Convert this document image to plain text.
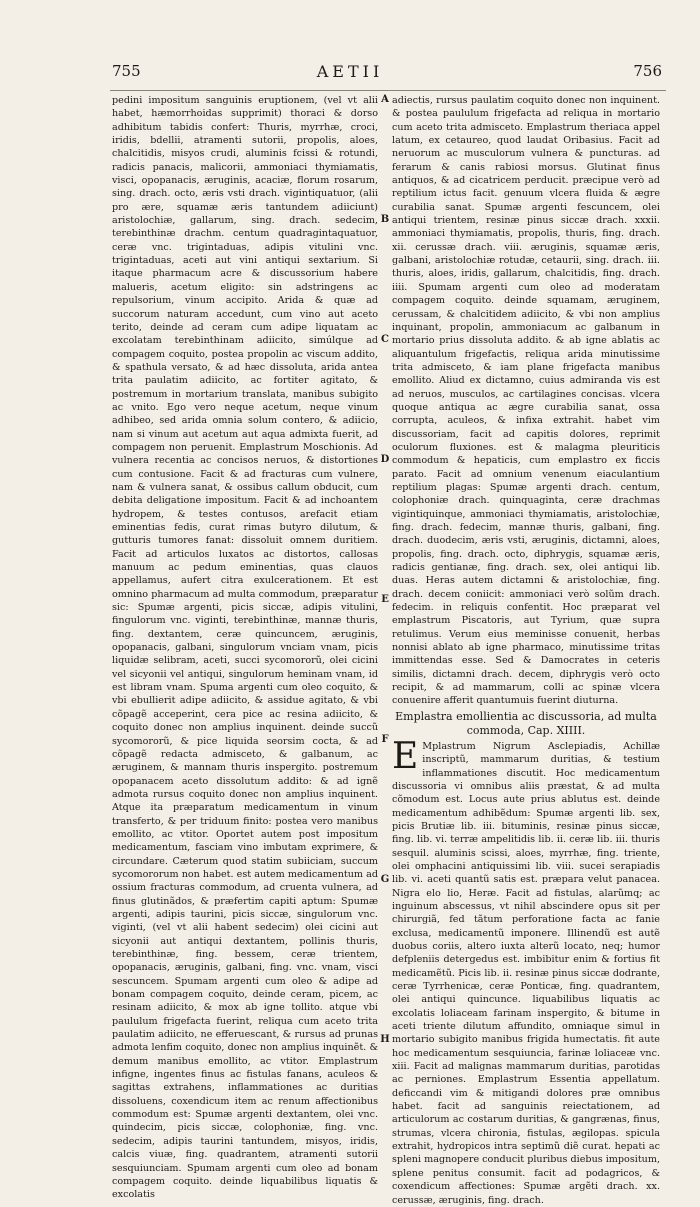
755	AETII	756

pedini impositum sanguinis eruptionem, (vel vt alii habet, hæmorrhoidas supprimit) thoraci & dorso adhibitum tabidis confert: Thuris, myrrhæ, croci, iridis, bdellii, atramenti sutorii, propolis, aloes, chalcitidis, misyos crudi, aluminis fcissi & rotundi, radicis panacis, malicorii, ammoniaci thymiamatis, visci, opopanacis, æruginis, acaciæ, florum rosarum, sing. drach. octo, æris vsti drach. vigintiquatuor, (alii pro ære, squamæ æris tantundem adiiciunt) aristolochiæ, gallarum, sing. drach. sedecim, terebinthinæ drachm. centum quadragintaquatuor, ceræ vnc. trigintaduas, adipis vitulini vnc. trigintaduas, aceti aut vini antiqui sextarium. Si itaque pharmacum acre & discussorium habere malueris, acetum eligito: sin adstringens ac repulsorium, vinum accipito. Arida & quæ ad succorum naturam accedunt, cum vino aut aceto terito, deinde ad ceram cum adipe liquatam ac excolatam terebinthinam adiicito, simúlque ad compagem coquito, postea propolin ac viscum addito, & spathula versato, & ad hæc dissoluta, arida antea trita paulatim adiicito, ac fortiter agitato, & postremum in mortarium translata, manibus subigito ac vnito. Ego vero neque acetum, neque vinum adhibeo, sed arida omnia solum contero, & adiicio, nam si vinum aut acetum aut aqua admixta fuerit, ad compagem non peruenit. Emplastrum Moschionis. Ad vulnera recentia ac concisos neruos, & distortiones cum contusione. Facit & ad fracturas cum vulnere, nam & vulnera sanat, & ossibus callum obducit, cum debita deligatione impositum. Facit & ad inchoantem hydropem, & testes contusos, arefacit etiam eminentias fedis, curat rimas butyro dilutum, & gutturis tumores fanat: dissoluit omnem duritiem. Facit ad articulos luxatos ac distortos, callosas manuum ac pedum eminentias, quas clauos appellamus, aufert citra exulcerationem. Et est omnino pharmacum ad multa commodum, præparatur sic: Spumæ argenti, picis siccæ, adipis vitulini, fingulorum vnc. viginti, terebinthinæ, mannæ thuris, fing. dextantem, ceræ quincuncem, æruginis, opopanacis, galbani, singulorum vnciam vnam, picis liquidæ selibram, aceti, succi sycomororũ, olei cicini vel sicyonii vel antiqui, singulorum heminam vnam, id est libram vnam. Spuma argenti cum oleo coquito, & vbi ebullierit adipe adiicito, & assidue agitato, & vbi cõpagẽ acceperint, cera pice ac resina adiicito, & coquito donec non amplius inquinent. deinde succũ sycomororũ, & pice liquida seorsim cocta, & ad cõpagẽ redacta admisceto, & galbanum, ac æruginem, & mannam thuris inspergito. postremum opopanacem aceto dissolutum addito: & ad ignẽ admota rursus coquito donec non amplius inquinent. Atque ita præparatum medicamentum in vinum transferto, & per triduum finito: postea vero manibus emollito, ac vtitor. Oportet autem post impositum medicamentum, fasciam vino imbutam exprimere, & circundare. Cæterum quod statim subiiciam, succum sycomororum non habet. est autem medicamentum ad ossium fracturas commodum, ad cruenta vulnera, ad finus glutinãdos, & præfertim capiti aptum: Spumæ argenti, adipis taurini, picis siccæ, singulorum vnc. viginti, (vel vt alii habent sedecim) olei cicini aut sicyonii aut antiqui dextantem, pollinis thuris, terebinthinæ, fing. bessem, ceræ trientem, opopanacis, æruginis, galbani, fing. vnc. vnam, visci sescuncem. Spumam argenti cum oleo & adipe ad bonam compagem coquito, deinde ceram, picem, ac resinam adiicito, & mox ab igne tollito. atque vbi paululum frigefacta fuerint, reliqua cum aceto trita paulatim adiicito, ne efferuescant, & rursus ad prunas admota lenfim coquito, donec non amplius inquinẽt. & demum manibus emollito, ac vtitor. Emplastrum infigne, ingentes finus ac fistulas fanans, aculeos & sagittas extrahens, inflammationes ac duritias dissoluens, coxendicum item ac renum affectionibus commodum est: Spumæ argenti dextantem, olei vnc. quindecim, picis siccæ, colophoniæ, fing. vnc. sedecim, adipis taurini tantundem, misyos, iridis, calcis viuæ, fing. quadrantem, atramenti sutorii sesquiunciam. Spumam argenti cum oleo ad bonam compagem coquito. deinde liquabilibus liquatis & excolatis

A
B
C
D
E
F
G
H

adiectis, rursus paulatim coquito donec non inquinent. & postea paululum frigefacta ad reliqua in mortario cum aceto trita admisceto. Emplastrum theriaca appel latum, ex cetaureo, quod laudat Oribasius. Facit ad neruorum ac musculorum vulnera & puncturas. ad ferarum & canis rabiosi morsus. Glutinat finus antiquos, & ad cicatricem perducit. præcipue verò ad reptilium ictus facit. genuum vlcera fluida & ægre curabilia sanat. Spumæ argenti fescuncem, olei antiqui trientem, resinæ pinus siccæ drach. xxxii. ammoniaci thymiamatis, propolis, thuris, fing. drach. xii. cerussæ drach. viii. æruginis, squamæ æris, galbani, aristolochiæ rotudæ, cetaurii, sing. drach. iii. thuris, aloes, iridis, gallarum, chalcitidis, fing. drach. iiii. Spumam argenti cum oleo ad moderatam compagem coquito. deinde squamam, æruginem, cerussam, & chalcitidem adiicito, & vbi non amplius inquinant, propolin, ammoniacum ac galbanum in mortario prius dissoluta addito. & ab igne ablatis ac aliquantulum frigefactis, reliqua arida minutissime trita admisceto, & iam plane frigefacta manibus emollito. Aliud ex dictamno, cuius admiranda vis est ad neruos, musculos, ac cartilagines concisas. vlcera quoque antiqua ac ægre curabilia sanat, ossa corrupta, aculeos, & infixa extrahit. habet vim discussoriam, facit ad capitis dolores, reprimit oculorum fluxiones. est & malagma pleuriticis commodum & hepaticis, cum emplastro ex ficcis parato. Facit ad omnium venenum eiaculantium reptilium plagas: Spumæ argenti drach. centum, colophoniæ drach. quinquaginta, ceræ drachmas vigintiquinque, ammoniaci thymiamatis, aristolochiæ, fing. drach. fedecim, mannæ thuris, galbani, fing. drach. duodecim, æris vsti, æruginis, dictamni, aloes, propolis, fing. drach. octo, diphrygis, squamæ æris, radicis gentianæ, fing. drach. sex, olei antiqui lib. duas. Heras autem dictamni & aristolochiæ, fing. drach. decem coniicit: ammoniaci verò solũm drach. fedecim. in reliquis confentit. Hoc præparat vel emplastrum Piscatoris, aut Tyrium, quæ supra retulimus. Verum eius meminisse conuenit, herbas nonnisi ablato ab igne pharmaco, minutissime tritas immittendas esse. Sed & Damocrates in ceteris similis, dictamni drach. decem, diphrygis verò octo recipit, & ad mammarum, colli ac spinæ vlcera conuenire afferit quantumuis fuerint diuturna.

Emplastra emollientia ac discussoria, ad multa
commoda, Cap. XIIII.

E Mplastrum Nigrum Asclepiadis, Achillæ inscriptũ, mammarum duritias, & testium inflammationes discutit. Hoc medicamentum discussoria vi omnibus aliis præstat, & ad multa cõmodum est. Locus aute prius ablutus est. deinde medicamentum adhibẽdum: Spumæ argenti lib. sex, picis Brutiæ lib. iii. bituminis, resinæ pinus siccæ, fing. lib. vi. terræ ampelitidis lib. ii. ceræ lib. iii. thuris sesquil. aluminis scissi, aloes, myrrhæ, fing. triente, olei omphacini antiquissimi lib. viii. sucei serapiadis lib. vi. aceti quantũ satis est. præpara velut panacea. Nigra elo lio, Heræ. Facit ad fistulas, alarũmq; ac inguinum abscessus, vt nihil abscindere opus sit per chirurgiã, fed tãtum perforatione facta ac fanie exclusa, medicamentũ imponere. Illinendũ est autẽ duobus coriis, altero iuxta alterũ locato, neq; humor defpleniis detergedus est. imbibitur enim & fortius fit medicamẽtũ. Picis lib. ii. resinæ pinus siccæ dodrante, ceræ Tyrrhenicæ, ceræ Ponticæ, fing. quadrantem, olei antiqui quincunce. liquabilibus liquatis ac excolatis loliaceam farinam inspergito, & bitume in aceti triente dilutum affundito, omniaque simul in mortario subigito manibus frigida humectatis. fit aute hoc medicamentum sesquiuncia, farinæ loliaceæ vnc. xiii. Facit ad malignas mammarum duritias, parotidas ac perniones. Emplastrum Essentia appellatum. deficcandi vim & mitigandi dolores præ omnibus habet. facit ad sanguinis reiectationem, ad articulorum ac costarum duritias, & gangrænas, finus, strumas, vlcera chironia, fistulas, ægilopas. spicula extrahit, hydropicos intra septimũ diẽ curat. hepati ac spleni magnopere conducit pluribus diebus impositum, splene penitus consumit. facit ad podagricos, & coxendicum affectiones: Spumæ argẽti drach. xx. cerussæ, æruginis, fing. drach.
